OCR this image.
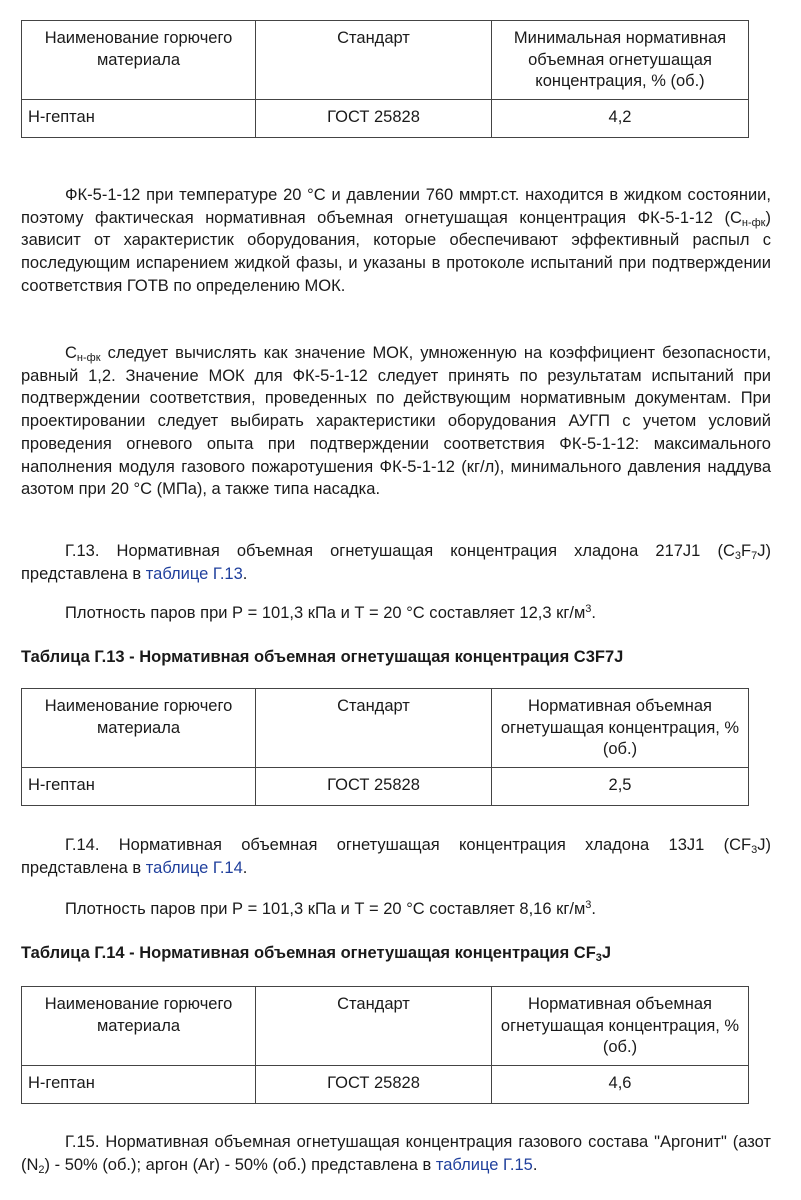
Наименование горючего материала	Стандарт	Минимальная нормативная объемная огнетушащая концентрация, % (об.)
Н-гептан	ГОСТ 25828	4,2

ФК-5-1-12 при температуре 20 °С и давлении 760 ммрт.ст. находится в жидком состоянии, поэтому фактическая нормативная объемная огнетушащая концентрация ФК-5-1-12 $(С_{н-фк})$ зависит от характеристик оборудования, которые обеспечивают эффективный распыл с последующим испарением жидкой фазы, и указаны в протоколе испытаний при подтверждении соответствия ГОТВ по определению МОК.

$С_{н-фк}$ следует вычислять как значение МОК, умноженную на коэффициент безопасности, равный 1,2. Значение МОК для ФК-5-1-12 следует принять по результатам испытаний при подтверждении соответствия, проведенных по действующим нормативным документам. При проектировании следует выбирать характеристики оборудования АУГП с учетом условий проведения огневого опыта при подтверждении соответствия ФК-5-1-12: максимального наполнения модуля газового пожаротушения ФК-5-1-12 (кг/л), минимального давления наддува азотом при 20 °С (МПа), а также типа насадка.

Г.13. Нормативная объемная огнетушащая концентрация хладона 217J1 $(C_3F_7J)$ представлена в таблице Г.13.

Плотность паров при Р = 101,3 кПа и Т = 20 °С составляет 12,3 $кг/м^3$.

Таблица Г.13 - Нормативная объемная огнетушащая концентрация C3F7J

Наименование горючего материала	Стандарт	Нормативная объемная огнетушащая концентрация, % (об.)
Н-гептан	ГОСТ 25828	2,5

Г.14. Нормативная объемная огнетушащая концентрация хладона 13J1 $(CF_3J)$ представлена в таблице Г.14.

Плотность паров при Р = 101,3 кПа и Т = 20 °С составляет 8,16 $кг/м^3$.

Таблица Г.14 - Нормативная объемная огнетушащая концентрация $CF_3J$

Наименование горючего материала	Стандарт	Нормативная объемная огнетушащая концентрация, % (об.)
Н-гептан	ГОСТ 25828	4,6

Г.15. Нормативная объемная огнетушащая концентрация газового состава "Аргонит" (азот $(N_2) - 50\%$ (об.); аргон (Ar) - 50% (об.) представлена в таблице Г.15.
